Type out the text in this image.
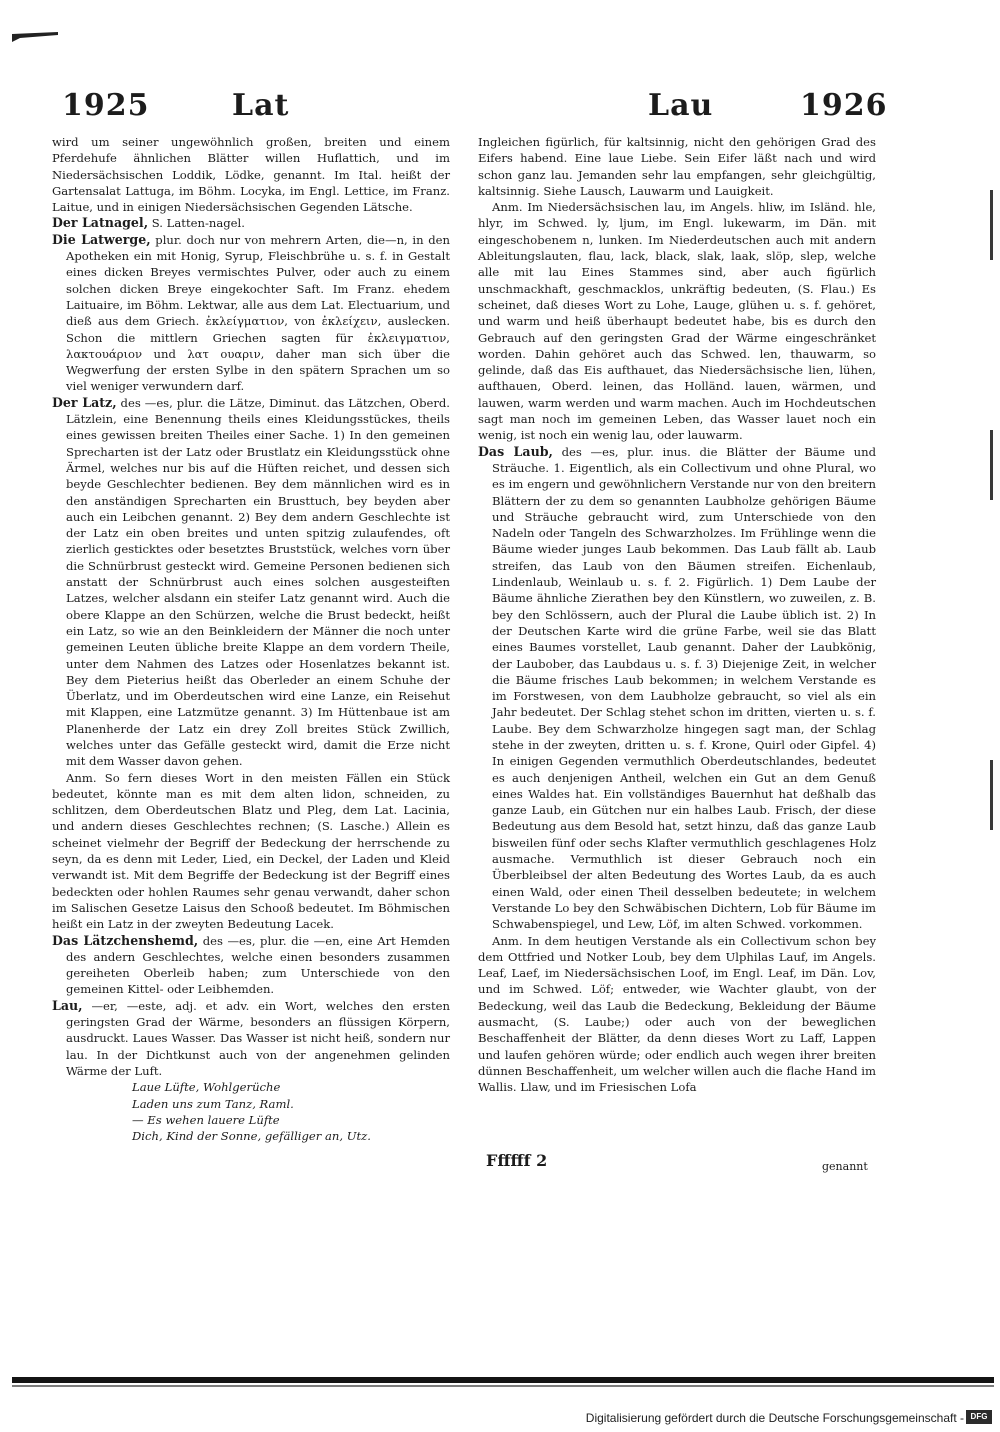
1925	Lat	Lau	1926

wird um seiner ungewöhnlich großen, breiten und einem Pferdehufe ähnlichen Blätter willen Huflattich, und im Niedersächsischen Loddik, Lödke, genannt. Im Ital. heißt der Gartensalat Lattuga, im Böhm. Locyka, im Engl. Lettice, im Franz. Laitue, und in einigen Niedersächsischen Gegenden Lätsche.

Der Latnagel, S. Latten-nagel.

Die Latwerge, plur. doch nur von mehrern Arten, die—n, in den Apotheken ein mit Honig, Syrup, Fleischbrühe u. s. f. in Gestalt eines dicken Breyes vermischtes Pulver, oder auch zu einem solchen dicken Breye eingekochter Saft. Im Franz. ehedem Laituaire, im Böhm. Lektwar, alle aus dem Lat. Electuarium, und dieß aus dem Griech. ἐκλείγματιον, von ἐκλείχειν, auslecken. Schon die mittlern Griechen sagten für ἐκλειγματιον, λακτουάριον und λατ ουαριν, daher man sich über die Wegwerfung der ersten Sylbe in den spätern Sprachen um so viel weniger verwundern darf.

Der Latz, des —es, plur. die Lätze, Diminut. das Lätzchen, Oberd. Lätzlein, eine Benennung theils eines Kleidungsstückes, theils eines gewissen breiten Theiles einer Sache. 1) In den gemeinen Sprecharten ist der Latz oder Brustlatz ein Kleidungsstück ohne Ärmel, welches nur bis auf die Hüften reichet, und dessen sich beyde Geschlechter bedienen. Bey dem männlichen wird es in den anständigen Sprecharten ein Brusttuch, bey beyden aber auch ein Leibchen genannt. 2) Bey dem andern Geschlechte ist der Latz ein oben breites und unten spitzig zulaufendes, oft zierlich gesticktes oder besetztes Bruststück, welches vorn über die Schnürbrust gesteckt wird. Gemeine Personen bedienen sich anstatt der Schnürbrust auch eines solchen ausgesteiften Latzes, welcher alsdann ein steifer Latz genannt wird. Auch die obere Klappe an den Schürzen, welche die Brust bedeckt, heißt ein Latz, so wie an den Beinkleidern der Männer die noch unter gemeinen Leuten übliche breite Klappe an dem vordern Theile, unter dem Nahmen des Latzes oder Hosenlatzes bekannt ist. Bey dem Pieterius heißt das Oberleder an einem Schuhe der Überlatz, und im Oberdeutschen wird eine Lanze, ein Reisehut mit Klappen, eine Latzmütze genannt. 3) Im Hüttenbaue ist am Planenherde der Latz ein drey Zoll breites Stück Zwillich, welches unter das Gefälle gesteckt wird, damit die Erze nicht mit dem Wasser davon gehen.

Anm. So fern dieses Wort in den meisten Fällen ein Stück bedeutet, könnte man es mit dem alten lidon, schneiden, zu schlitzen, dem Oberdeutschen Blatz und Pleg, dem Lat. Lacinia, und andern dieses Geschlechtes rechnen; (S. Lasche.) Allein es scheinet vielmehr der Begriff der Bedeckung der herrschende zu seyn, da es denn mit Leder, Lied, ein Deckel, der Laden und Kleid verwandt ist. Mit dem Begriffe der Bedeckung ist der Begriff eines bedeckten oder hohlen Raumes sehr genau verwandt, daher schon im Salischen Gesetze Laisus den Schooß bedeutet. Im Böhmischen heißt ein Latz in der zweyten Bedeutung Lacek.

Das Lätzchenshemd, des —es, plur. die —en, eine Art Hemden des andern Geschlechtes, welche einen besonders zusammen gereiheten Oberleib haben; zum Unterschiede von den gemeinen Kittel- oder Leibhemden.

Lau, —er, —este, adj. et adv. ein Wort, welches den ersten geringsten Grad der Wärme, besonders an flüssigen Körpern, ausdruckt. Laues Wasser. Das Wasser ist nicht heiß, sondern nur lau. In der Dichtkunst auch von der angenehmen gelinden Wärme der Luft.

Laue Lüfte, Wohlgerüche

Laden uns zum Tanz, Raml.

— Es wehen lauere Lüfte

Dich, Kind der Sonne, gefälliger an, Utz.

Ingleichen figürlich, für kaltsinnig, nicht den gehörigen Grad des Eifers habend. Eine laue Liebe. Sein Eifer läßt nach und wird schon ganz lau. Jemanden sehr lau empfangen, sehr gleichgültig, kaltsinnig. Siehe Lausch, Lauwarm und Lauigkeit.

Anm. Im Niedersächsischen lau, im Angels. hliw, im Isländ. hle, hlyr, im Schwed. ly, ljum, im Engl. lukewarm, im Dän. mit eingeschobenem n, lunken. Im Niederdeutschen auch mit andern Ableitungslauten, flau, lack, black, slak, laak, slöp, slep, welche alle mit lau Eines Stammes sind, aber auch figürlich unschmackhaft, geschmacklos, unkräftig bedeuten, (S. Flau.) Es scheinet, daß dieses Wort zu Lohe, Lauge, glühen u. s. f. gehöret, und warm und heiß überhaupt bedeutet habe, bis es durch den Gebrauch auf den geringsten Grad der Wärme eingeschränket worden. Dahin gehöret auch das Schwed. len, thauwarm, so gelinde, daß das Eis aufthauet, das Niedersächsische lien, lühen, aufthauen, Oberd. leinen, das Holländ. lauen, wärmen, und lauwen, warm werden und warm machen. Auch im Hochdeutschen sagt man noch im gemeinen Leben, das Wasser lauet noch ein wenig, ist noch ein wenig lau, oder lauwarm.

Das Laub, des —es, plur. inus. die Blätter der Bäume und Sträuche. 1. Eigentlich, als ein Collectivum und ohne Plural, wo es im engern und gewöhnlichern Verstande nur von den breitern Blättern der zu dem so genannten Laubholze gehörigen Bäume und Sträuche gebraucht wird, zum Unterschiede von den Nadeln oder Tangeln des Schwarzholzes. Im Frühlinge wenn die Bäume wieder junges Laub bekommen. Das Laub fällt ab. Laub streifen, das Laub von den Bäumen streifen. Eichenlaub, Lindenlaub, Weinlaub u. s. f. 2. Figürlich. 1) Dem Laube der Bäume ähnliche Zierathen bey den Künstlern, wo zuweilen, z. B. bey den Schlössern, auch der Plural die Laube üblich ist. 2) In der Deutschen Karte wird die grüne Farbe, weil sie das Blatt eines Baumes vorstellet, Laub genannt. Daher der Laubkönig, der Laubober, das Laubdaus u. s. f. 3) Diejenige Zeit, in welcher die Bäume frisches Laub bekommen; in welchem Verstande es im Forstwesen, von dem Laubholze gebraucht, so viel als ein Jahr bedeutet. Der Schlag stehet schon im dritten, vierten u. s. f. Laube. Bey dem Schwarzholze hingegen sagt man, der Schlag stehe in der zweyten, dritten u. s. f. Krone, Quirl oder Gipfel. 4) In einigen Gegenden vermuthlich Oberdeutschlandes, bedeutet es auch denjenigen Antheil, welchen ein Gut an dem Genuß eines Waldes hat. Ein vollständiges Bauernhut hat deßhalb das ganze Laub, ein Gütchen nur ein halbes Laub. Frisch, der diese Bedeutung aus dem Besold hat, setzt hinzu, daß das ganze Laub bisweilen fünf oder sechs Klafter vermuthlich geschlagenes Holz ausmache. Vermuthlich ist dieser Gebrauch noch ein Überbleibsel der alten Bedeutung des Wortes Laub, da es auch einen Wald, oder einen Theil desselben bedeutete; in welchem Verstande Lo bey den Schwäbischen Dichtern, Lob für Bäume im Schwabenspiegel, und Lew, Löf, im alten Schwed. vorkommen.

Anm. In dem heutigen Verstande als ein Collectivum schon bey dem Ottfried und Notker Loub, bey dem Ulphilas Lauf, im Angels. Leaf, Laef, im Niedersächsischen Loof, im Engl. Leaf, im Dän. Lov, und im Schwed. Löf; entweder, wie Wachter glaubt, von der Bedeckung, weil das Laub die Bedeckung, Bekleidung der Bäume ausmacht, (S. Laube;) oder auch von der beweglichen Beschaffenheit der Blätter, da denn dieses Wort zu Laff, Lappen und laufen gehören würde; oder endlich auch wegen ihrer breiten dünnen Beschaffenheit, um welcher willen auch die flache Hand im Wallis. Llaw, und im Friesischen Lofa

Ffffff 2	genannt
Digitalisierung gefördert durch die Deutsche Forschungsgemeinschaft - DFG
